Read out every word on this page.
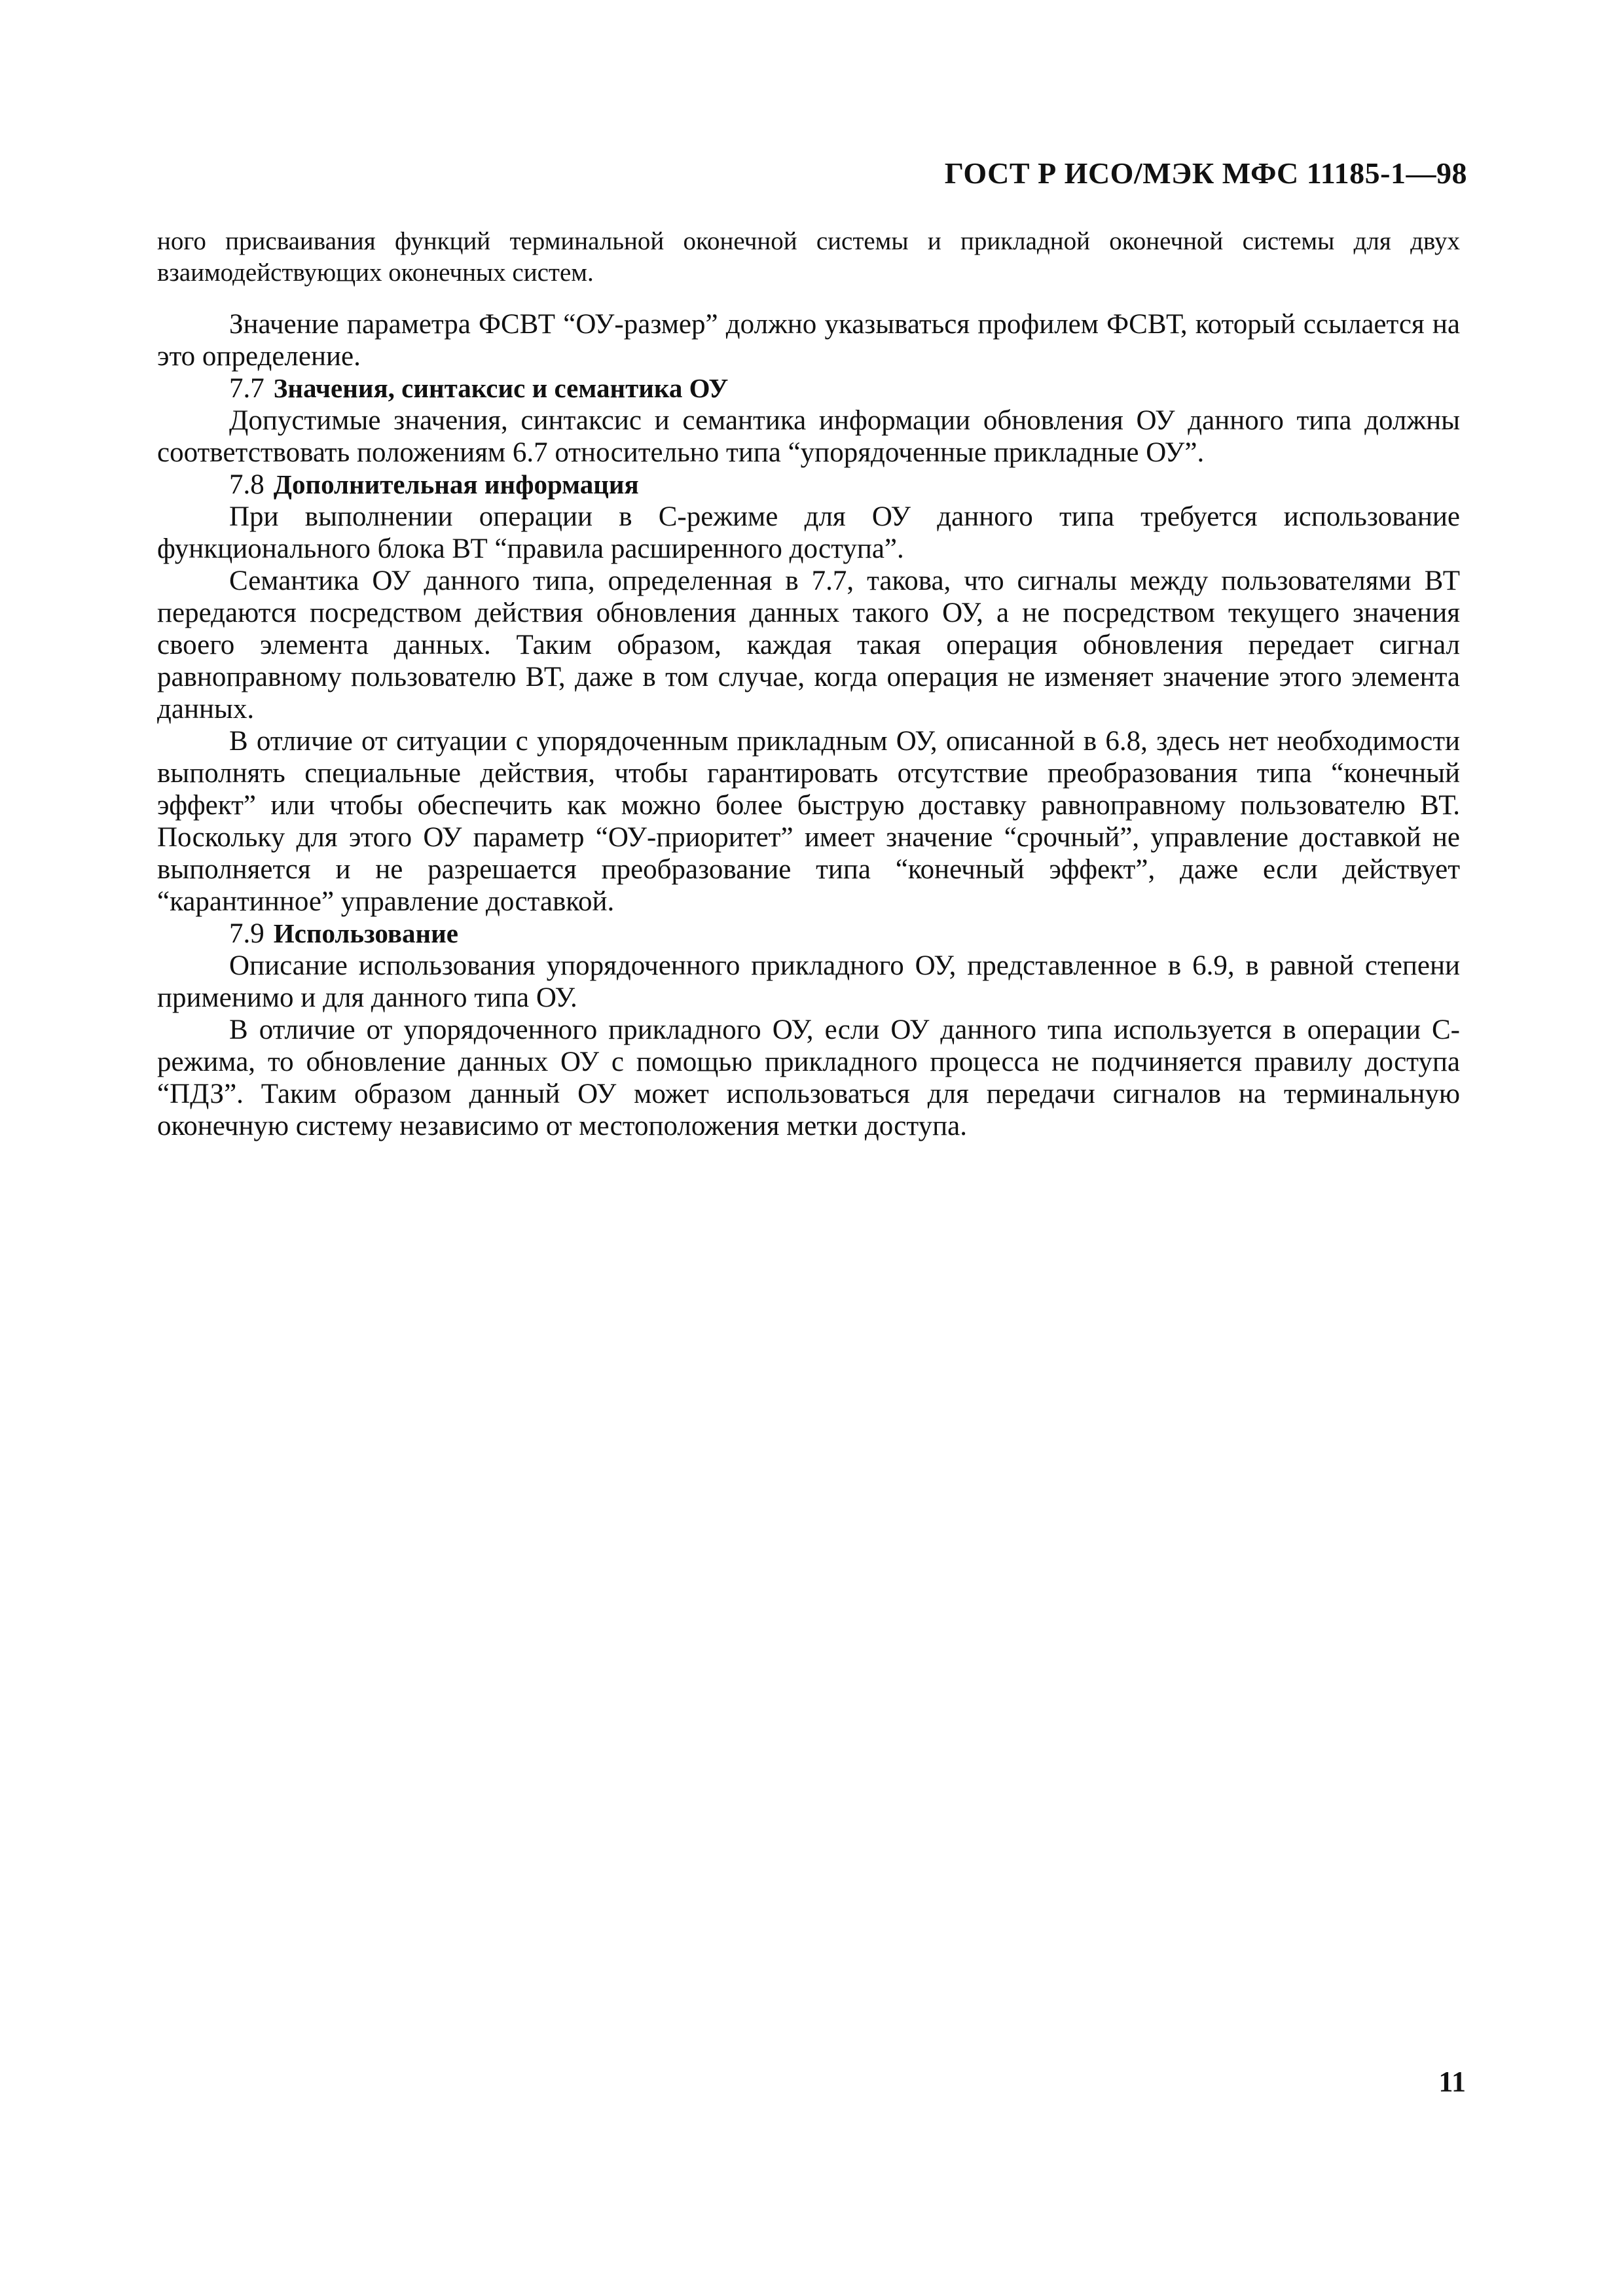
ГОСТ Р ИСО/МЭК МФС 11185-1—98

ного присваивания функций терминальной оконечной системы и прикладной оконечной системы для двух взаимодействующих оконечных систем.

Значение параметра ФСВТ “ОУ-размер” должно указываться профилем ФСВТ, который ссылается на это определение.

7.7 Значения, синтаксис и семантика ОУ

Допустимые значения, синтаксис и семантика информации обновления ОУ данного типа должны соответствовать положениям 6.7 относительно типа “упорядоченные прикладные ОУ”.

7.8 Дополнительная информация

При выполнении операции в С-режиме для ОУ данного типа требуется использование функционального блока ВТ “правила расширенного доступа”.

Семантика ОУ данного типа, определенная в 7.7, такова, что сигналы между пользователями ВТ передаются посредством действия обновления данных такого ОУ, а не посредством текущего значения своего элемента данных. Таким образом, каждая такая операция обновления передает сигнал равноправному пользователю ВТ, даже в том случае, когда операция не изменяет значение этого элемента данных.

В отличие от ситуации с упорядоченным прикладным ОУ, описанной в 6.8, здесь нет необходимости выполнять специальные действия, чтобы гарантировать отсутствие преобразования типа “конечный эффект” или чтобы обеспечить как можно более быструю доставку равноправному пользователю ВТ. Поскольку для этого ОУ параметр “ОУ-приоритет” имеет значение “срочный”, управление доставкой не выполняется и не разрешается преобразование типа “конечный эффект”, даже если действует “карантинное” управление доставкой.

7.9 Использование

Описание использования упорядоченного прикладного ОУ, представленное в 6.9, в равной степени применимо и для данного типа ОУ.

В отличие от упорядоченного прикладного ОУ, если ОУ данного типа используется в операции С-режима, то обновление данных ОУ с помощью прикладного процесса не подчиняется правилу доступа “ПДЗ”. Таким образом данный ОУ может использоваться для передачи сигналов на терминальную оконечную систему независимо от местоположения метки доступа.

11
